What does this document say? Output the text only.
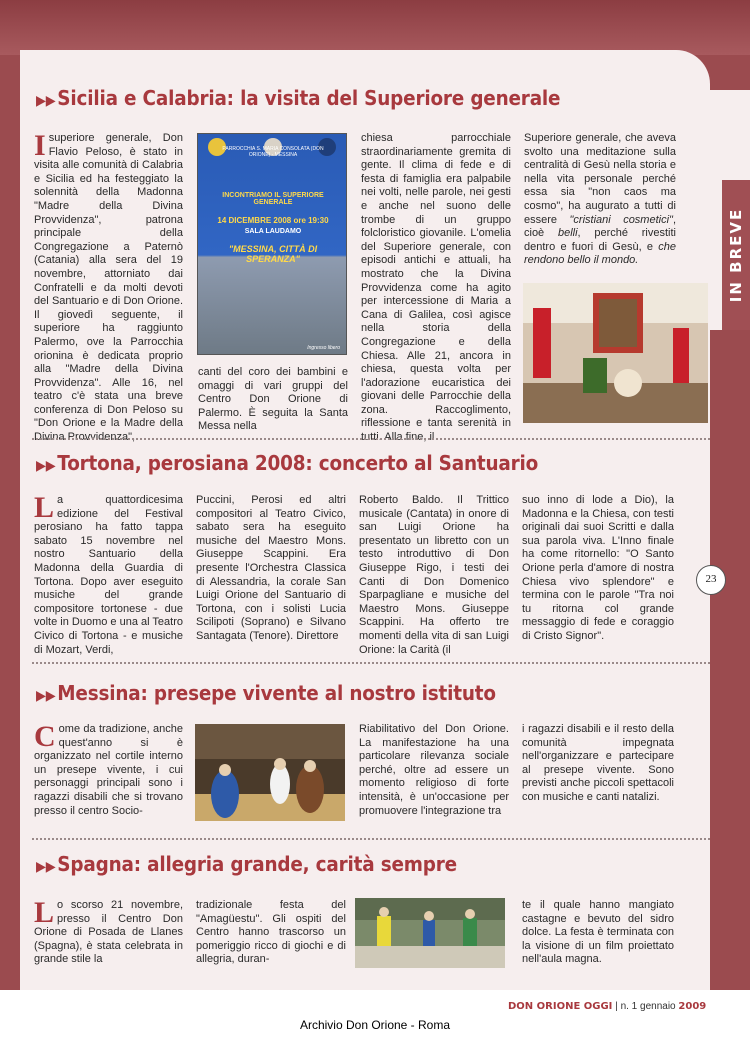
IN BREVE
▶▶Sicilia e Calabria: la visita del Superiore generale
I superiore generale, Don Flavio Peloso, è stato in visita alle comunità di Calabria e Sicilia ed ha festeggiato la solennità della Madonna "Madre della Divina Provvidenza", patrona principale della Congregazione a Paternò (Catania) alla sera del 19 novembre, attorniato dai Confratelli e da molti devoti del Santuario e di Don Orione. Il giovedì seguente, il superiore ha raggiunto Palermo, ove la Parrocchia orionina è dedicata proprio alla "Madre della Divina Provvidenza". Alle 16, nel teatro c'è stata una breve conferenza di Don Peloso su "Don Orione e la Madre della Divina Provvidenza",
PARROCCHIA S. MARIA CONSOLATA (DON ORIONE) - MESSINA
INCONTRIAMO IL SUPERIORE GENERALE
14 DICEMBRE 2008 ore 19:30
SALA LAUDAMO
"MESSINA, CITTÀ DI SPERANZA"
Ingresso libero
canti del coro dei bambini e omaggi di vari gruppi del Centro Don Orione di Palermo. È seguita la Santa Messa nella
chiesa parrocchiale straordinariamente gremita di gente. Il clima di fede e di festa di famiglia era palpabile nei volti, nelle parole, nei gesti e anche nel suono delle trombe di un gruppo folcloristico giovanile. L'omelia del Superiore generale, con episodi antichi e attuali, ha mostrato che la Divina Provvidenza come ha agito per intercessione di Maria a Cana di Galilea, così agisce nella storia della Congregazione e della Chiesa. Alle 21, ancora in chiesa, questa volta per l'adorazione eucaristica dei giovani delle Parrocchie della zona. Raccoglimento, riflessione e tanta serenità in tutti. Alla fine, il
Superiore generale, che aveva svolto una meditazione sulla centralità di Gesù nella storia e nella vita personale perché essa sia "non caos ma cosmo", ha augurato a tutti di essere "cristiani cosmetici", cioè belli, perché rivestiti dentro e fuori di Gesù, e che rendono bello il mondo.
▶▶Tortona, perosiana 2008: concerto al Santuario
La quattordicesima edizione del Festival perosiano ha fatto tappa sabato 15 novembre nel nostro Santuario della Madonna della Guardia di Tortona. Dopo aver eseguito musiche del grande compositore tortonese - due volte in Duomo e una al Teatro Civico di Tortona - e musiche di Mozart, Verdi,
Puccini, Perosi ed altri compositori al Teatro Civico, sabato sera ha eseguito musiche del Maestro Mons. Giuseppe Scappini. Era presente l'Orchestra Classica di Alessandria, la corale San Luigi Orione del Santuario di Tortona, con i solisti Lucia Scilipoti (Soprano) e Silvano Santagata (Tenore). Direttore
Roberto Baldo. Il Trittico musicale (Cantata) in onore di san Luigi Orione ha presentato un libretto con un testo introduttivo di Don Giuseppe Rigo, i testi dei Canti di Don Domenico Sparpagliane e musiche del Maestro Mons. Giuseppe Scappini. Ha offerto tre momenti della vita di san Luigi Orione: la Carità (il
suo inno di lode a Dio), la Madonna e la Chiesa, con testi originali dai suoi Scritti e dalla sua parola viva. L'Inno finale ha come ritornello: "O Santo Orione perla d'amore di nostra Chiesa vivo splendore" e termina con le parole "Tra noi tu ritorna col grande messaggio di fede e coraggio di Cristo Signor".
23
▶▶Messina: presepe vivente al nostro istituto
Come da tradizione, anche quest'anno si è organizzato nel cortile interno un presepe vivente, i cui personaggi principali sono i ragazzi disabili che si trovano presso il centro Socio-
Riabilitativo del Don Orione. La manifestazione ha una particolare rilevanza sociale perché, oltre ad essere un momento religioso di forte intensità, è un'occasione per promuovere l'integrazione tra
i ragazzi disabili e il resto della comunità impegnata nell'organizzare e partecipare al presepe vivente. Sono previsti anche piccoli spettacoli con musiche e canti natalizi.
▶▶Spagna: allegria grande, carità sempre
Lo scorso 21 novembre, presso il Centro Don Orione di Posada de Llanes (Spagna), è stata celebrata in grande stile la
tradizionale festa del "Amagüestu". Gli ospiti del Centro hanno trascorso un pomeriggio ricco di giochi e di allegria, duran-
te il quale hanno mangiato castagne e bevuto del sidro dolce. La festa è terminata con la visione di un film proiettato nell'aula magna.
DON ORIONE OGGI | n. 1 gennaio 2009
Archivio Don Orione - Roma
